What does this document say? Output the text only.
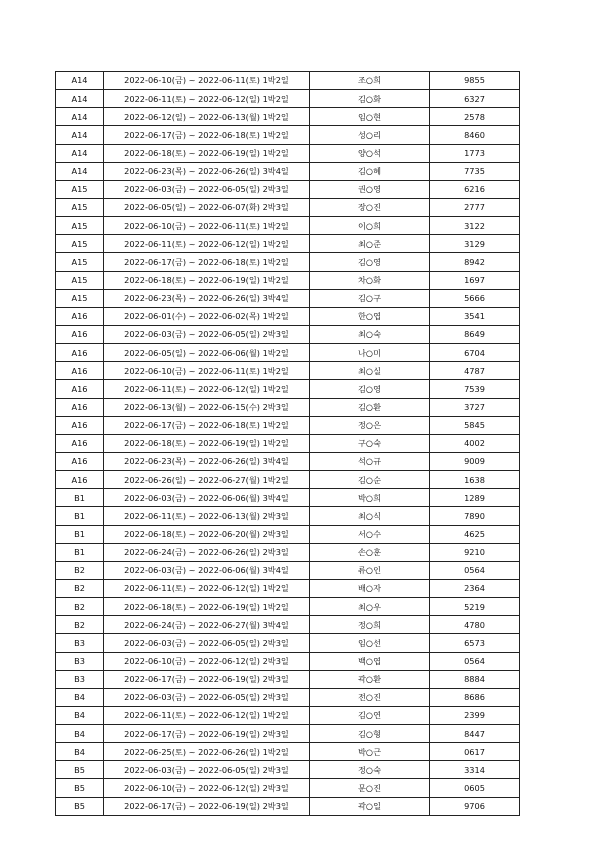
A14	2022-06-10(금) ~ 2022-06-11(토) 1박2일	조○희	9855
A14	2022-06-11(토) ~ 2022-06-12(일) 1박2일	김○화	6327
A14	2022-06-12(일) ~ 2022-06-13(월) 1박2일	임○현	2578
A14	2022-06-17(금) ~ 2022-06-18(토) 1박2일	성○리	8460
A14	2022-06-18(토) ~ 2022-06-19(일) 1박2일	양○석	1773
A14	2022-06-23(목) ~ 2022-06-26(일) 3박4일	김○혜	7735
A15	2022-06-03(금) ~ 2022-06-05(일) 2박3일	권○영	6216
A15	2022-06-05(일) ~ 2022-06-07(화) 2박3일	장○진	2777
A15	2022-06-10(금) ~ 2022-06-11(토) 1박2일	이○희	3122
A15	2022-06-11(토) ~ 2022-06-12(일) 1박2일	최○준	3129
A15	2022-06-17(금) ~ 2022-06-18(토) 1박2일	김○영	8942
A15	2022-06-18(토) ~ 2022-06-19(일) 1박2일	차○화	1697
A15	2022-06-23(목) ~ 2022-06-26(일) 3박4일	김○구	5666
A16	2022-06-01(수) ~ 2022-06-02(목) 1박2일	한○엽	3541
A16	2022-06-03(금) ~ 2022-06-05(일) 2박3일	최○숙	8649
A16	2022-06-05(일) ~ 2022-06-06(월) 1박2일	나○미	6704
A16	2022-06-10(금) ~ 2022-06-11(토) 1박2일	최○실	4787
A16	2022-06-11(토) ~ 2022-06-12(일) 1박2일	김○영	7539
A16	2022-06-13(월) ~ 2022-06-15(수) 2박3일	김○환	3727
A16	2022-06-17(금) ~ 2022-06-18(토) 1박2일	정○은	5845
A16	2022-06-18(토) ~ 2022-06-19(일) 1박2일	구○숙	4002
A16	2022-06-23(목) ~ 2022-06-26(일) 3박4일	석○규	9009
A16	2022-06-26(일) ~ 2022-06-27(월) 1박2일	김○순	1638
B1	2022-06-03(금) ~ 2022-06-06(월) 3박4일	박○희	1289
B1	2022-06-11(토) ~ 2022-06-13(월) 2박3일	최○식	7890
B1	2022-06-18(토) ~ 2022-06-20(월) 2박3일	서○수	4625
B1	2022-06-24(금) ~ 2022-06-26(일) 2박3일	손○훈	9210
B2	2022-06-03(금) ~ 2022-06-06(월) 3박4일	류○인	0564
B2	2022-06-11(토) ~ 2022-06-12(일) 1박2일	배○자	2364
B2	2022-06-18(토) ~ 2022-06-19(일) 1박2일	최○우	5219
B2	2022-06-24(금) ~ 2022-06-27(월) 3박4일	정○희	4780
B3	2022-06-03(금) ~ 2022-06-05(일) 2박3일	임○선	6573
B3	2022-06-10(금) ~ 2022-06-12(일) 2박3일	백○엽	0564
B3	2022-06-17(금) ~ 2022-06-19(일) 2박3일	곽○환	8884
B4	2022-06-03(금) ~ 2022-06-05(일) 2박3일	전○진	8686
B4	2022-06-11(토) ~ 2022-06-12(일) 1박2일	김○연	2399
B4	2022-06-17(금) ~ 2022-06-19(일) 2박3일	김○형	8447
B4	2022-06-25(토) ~ 2022-06-26(일) 1박2일	박○근	0617
B5	2022-06-03(금) ~ 2022-06-05(일) 2박3일	정○숙	3314
B5	2022-06-10(금) ~ 2022-06-12(일) 2박3일	문○진	0605
B5	2022-06-17(금) ~ 2022-06-19(일) 2박3일	곽○일	9706
